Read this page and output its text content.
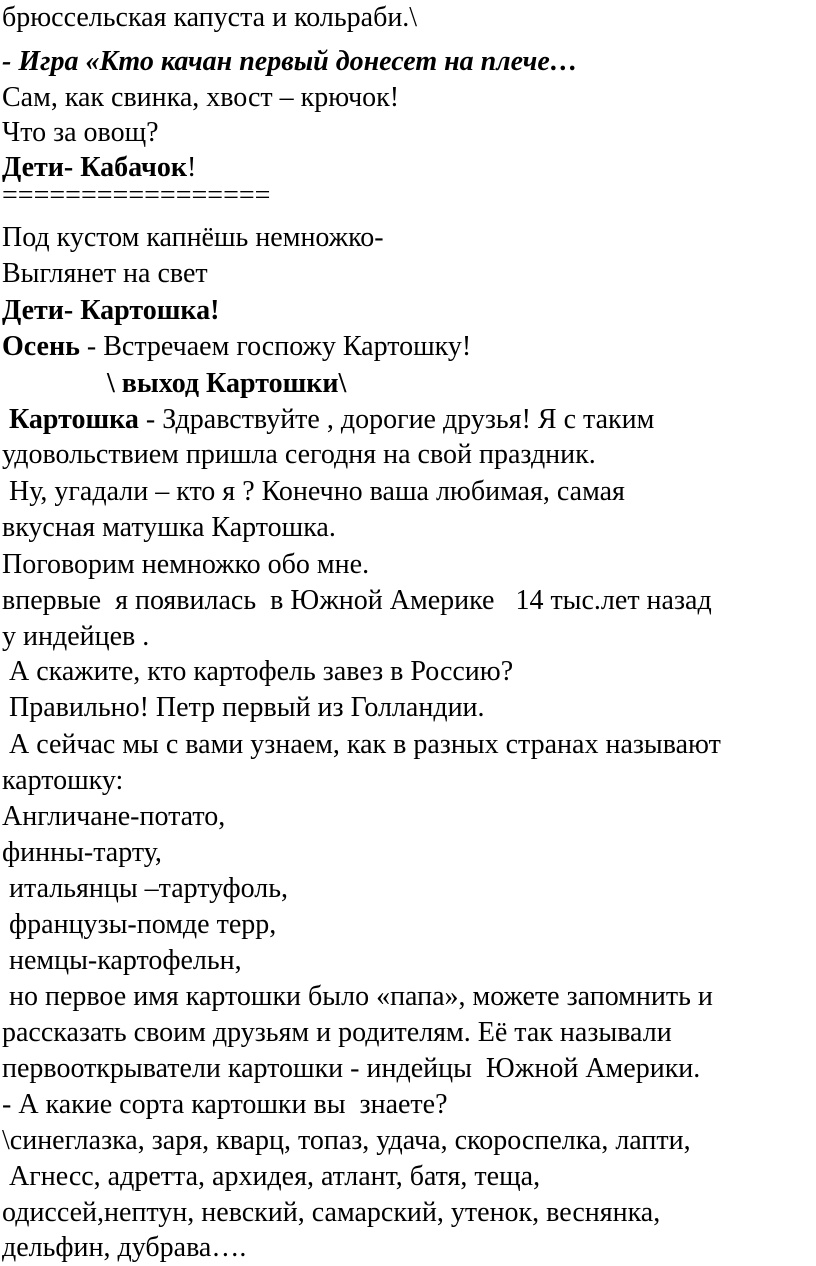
брюссельская капуста и кольраби.\
- Игра «Кто качан первый донесет на плече…
Сам, как свинка, хвост – крючок!
Что за овощ?
Дети- Кабачок!
=================
Под кустом капнёшь немножко-
Выглянет на свет
Дети- Картошка!
Осень - Встречаем госпожу Картошку!
\ выход Картошки\
Картошка - Здравствуйте , дорогие друзья! Я с таким
удовольствием пришла сегодня на свой праздник.
Ну, угадали – кто я ? Конечно ваша любимая, самая
вкусная матушка Картошка.
Поговорим немножко обо мне.
впервые  я появилась  в Южной Америке   14 тыс.лет назад
у индейцев .
А скажите, кто картофель завез в Россию?
Правильно! Петр первый из Голландии.
А сейчас мы с вами узнаем, как в разных странах называют
картошку:
Англичане-потато,
финны-тарту,
итальянцы –тартуфоль,
французы-помде терр,
немцы-картофельн,
но первое имя картошки было «папа», можете запомнить и
рассказать своим друзьям и родителям. Её так называли
первооткрыватели картошки - индейцы  Южной Америки.
- А какие сорта картошки вы  знаете?
\синеглазка, заря, кварц, топаз, удача, скороспелка, лапти,
Агнесс, адретта, архидея, атлант, батя, теща,
одиссей,нептун, невский, самарский, утенок, веснянка,
дельфин, дубрава….
